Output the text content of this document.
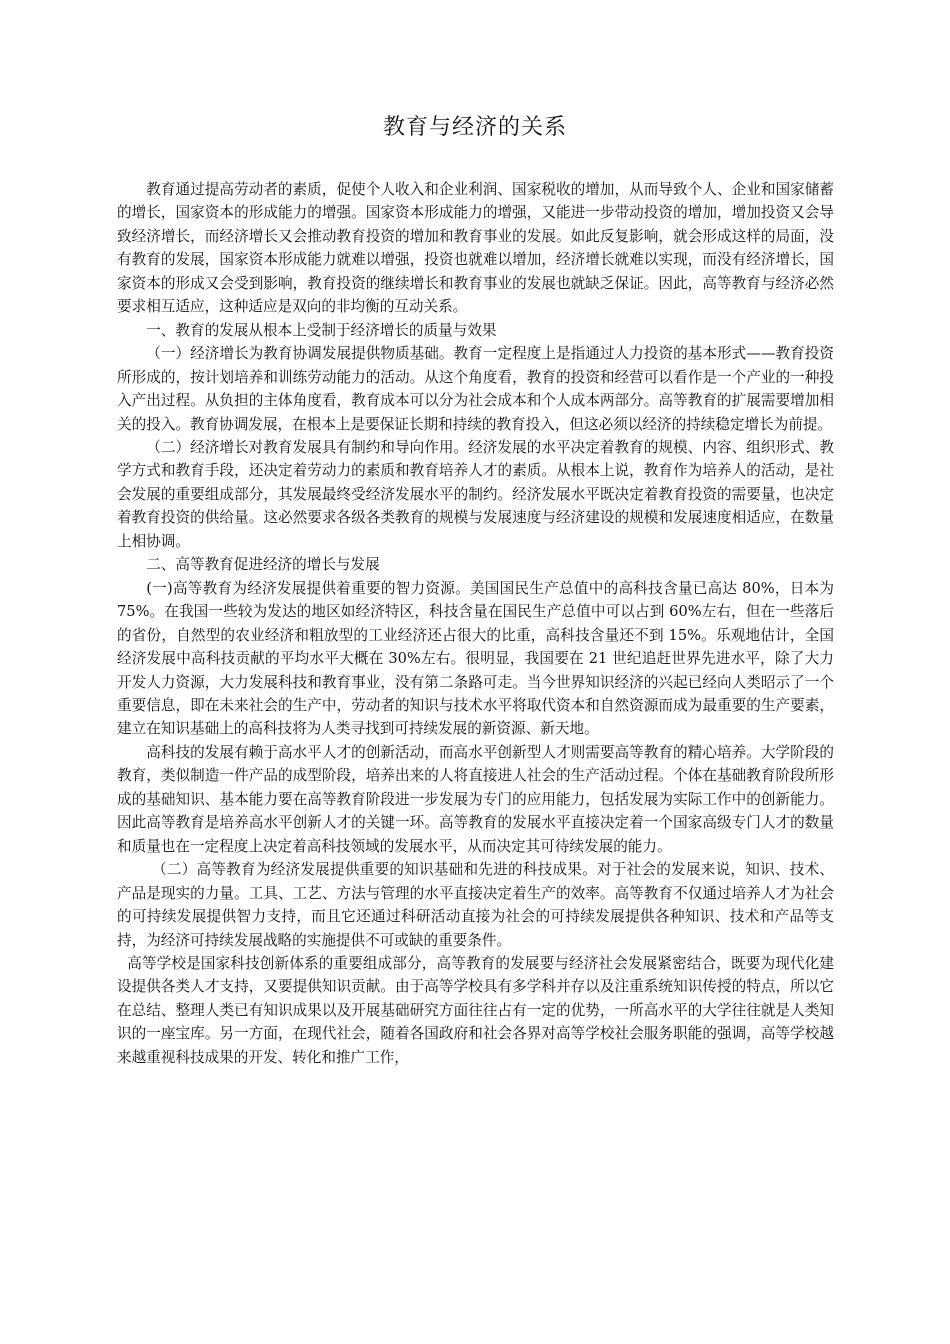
教育与经济的关系

教育通过提高劳动者的素质，促使个人收入和企业利润、国家税收的增加，从而导致个人、企业和国家储蓄的增长，国家资本的形成能力的增强。国家资本形成能力的增强，又能进一步带动投资的增加，增加投资又会导致经济增长，而经济增长又会推动教育投资的增加和教育事业的发展。如此反复影响，就会形成这样的局面，没有教育的发展，国家资本形成能力就难以增强，投资也就难以增加，经济增长就难以实现，而没有经济增长，国家资本的形成又会受到影响，教育投资的继续增长和教育事业的发展也就缺乏保证。因此，高等教育与经济必然要求相互适应，这种适应是双向的非均衡的互动关系。

一、教育的发展从根本上受制于经济增长的质量与效果

（一）经济增长为教育协调发展提供物质基础。教育一定程度上是指通过人力投资的基本形式——教育投资所形成的，按计划培养和训练劳动能力的活动。从这个角度看，教育的投资和经营可以看作是一个产业的一种投入产出过程。从负担的主体角度看，教育成本可以分为社会成本和个人成本两部分。高等教育的扩展需要增加相关的投入。教育协调发展，在根本上是要保证长期和持续的教育投入，但这必须以经济的持续稳定增长为前提。

（二）经济增长对教育发展具有制约和导向作用。经济发展的水平决定着教育的规模、内容、组织形式、教学方式和教育手段，还决定着劳动力的素质和教育培养人才的素质。从根本上说，教育作为培养人的活动，是社会发展的重要组成部分，其发展最终受经济发展水平的制约。经济发展水平既决定着教育投资的需要量，也决定着教育投资的供给量。这必然要求各级各类教育的规模与发展速度与经济建设的规模和发展速度相适应，在数量上相协调。

二、高等教育促进经济的增长与发展

(一)高等教育为经济发展提供着重要的智力资源。美国国民生产总值中的高科技含量已高达 80%，日本为 75%。在我国一些较为发达的地区如经济特区，科技含量在国民生产总值中可以占到 60%左右，但在一些落后的省份，自然型的农业经济和粗放型的工业经济还占很大的比重，高科技含量还不到 15%。乐观地估计，全国经济发展中高科技贡献的平均水平大概在 30%左右。很明显，我国要在 21 世纪追赶世界先进水平，除了大力开发人力资源，大力发展科技和教育事业，没有第二条路可走。当今世界知识经济的兴起已经向人类昭示了一个重要信息，即在未来社会的生产中，劳动者的知识与技术水平将取代资本和自然资源而成为最重要的生产要素，建立在知识基础上的高科技将为人类寻找到可持续发展的新资源、新天地。

高科技的发展有赖于高水平人才的创新活动，而高水平创新型人才则需要高等教育的精心培养。大学阶段的教育，类似制造一件产品的成型阶段，培养出来的人将直接进人社会的生产活动过程。个体在基础教育阶段所形成的基础知识、基本能力要在高等教育阶段进一步发展为专门的应用能力，包括发展为实际工作中的创新能力。因此高等教育是培养高水平创新人才的关键一环。高等教育的发展水平直接决定着一个国家高级专门人才的数量和质量也在一定程度上决定着高科技领域的发展水平，从而决定其可待续发展的能力。

（二）高等教育为经济发展提供重要的知识基础和先进的科技成果。对于社会的发展来说，知识、技术、产品是现实的力量。工具、工艺、方法与管理的水平直接决定着生产的效率。高等教育不仅通过培养人才为社会的可持续发展提供智力支持，而且它还通过科研活动直接为社会的可持续发展提供各种知识、技术和产品等支持，为经济可持续发展战略的实施提供不可或缺的重要条件。

高等学校是国家科技创新体系的重要组成部分，高等教育的发展要与经济社会发展紧密结合，既要为现代化建设提供各类人才支持，又要提供知识贡献。由于高等学校具有多学科并存以及注重系统知识传授的特点，所以它在总结、整理人类已有知识成果以及开展基础研究方面往往占有一定的优势，一所高水平的大学往往就是人类知识的一座宝库。另一方面，在现代社会，随着各国政府和社会各界对高等学校社会服务职能的强调，高等学校越来越重视科技成果的开发、转化和推广工作，
